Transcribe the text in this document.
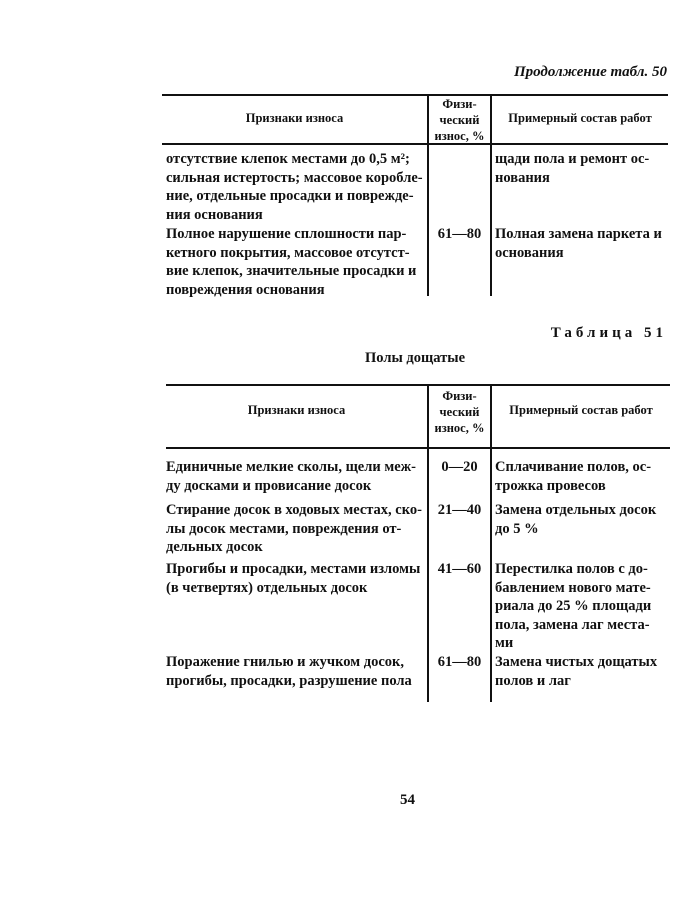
Продолжение табл. 50
Признаки износа
Физи-
ческий
износ, %
Примерный состав работ
отсутствие клепок местами до 0,5 м²;
сильная истертость; массовое коробле-
ние, отдельные просадки и поврежде-
ния основания
щади пола и ремонт ос-
нования
Полное нарушение сплошности пар-
кетного покрытия, массовое отсутст-
вие клепок, значительные просадки и
повреждения основания
61—80 Полная замена паркета и
основания
Таблица 51
Полы дощатые
Признаки износа
Физи-
ческий
износ, %
Примерный состав работ
Единичные мелкие сколы, щели меж-
ду досками и провисание досок
0—20	Сплачивание полов, ос-
трожка провесов
Стирание досок в ходовых местах, ско-
лы досок местами, повреждения от-
дельных досок
21—40 Замена отдельных досок
до 5 %
Прогибы и просадки, местами изломы
(в четвертях) отдельных досок
41—60 Перестилка полов с до-
бавлением нового мате-
риала до 25 % площади
пола, замена лаг места-
ми
Поражение гнилью и жучком досок,
прогибы, просадки, разрушение пола
61—80 Замена чистых дощатых
полов и лаг
54
